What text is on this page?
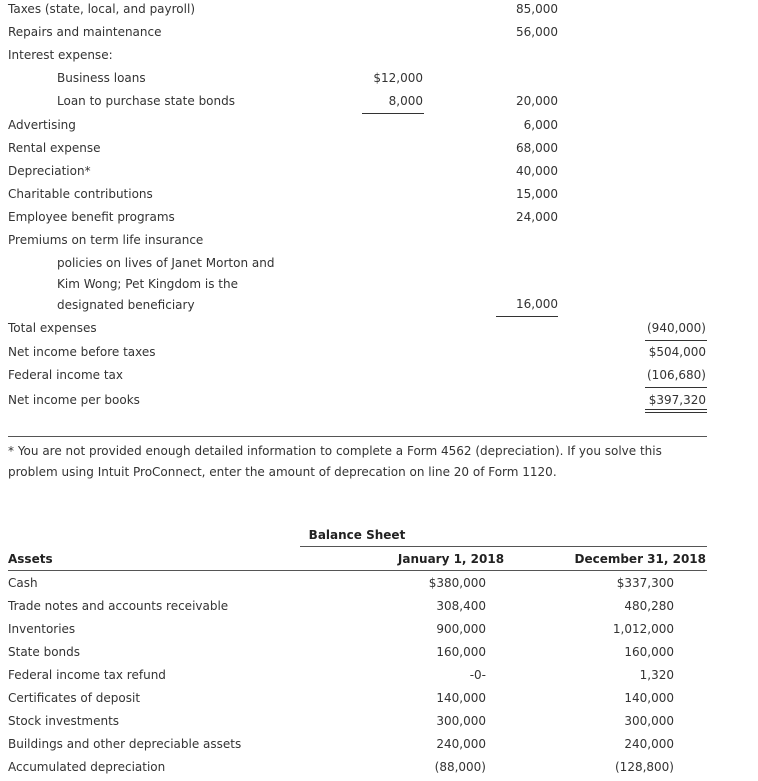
Taxes (state, local, and payroll)	85,000
Repairs and maintenance	56,000
Interest expense:
Business loans	$12,000
Loan to purchase state bonds	8,000	20,000
Advertising	6,000
Rental expense	68,000
Depreciation*	40,000
Charitable contributions	15,000
Employee benefit programs	24,000
Premiums on term life insurance
policies on lives of Janet Morton and
Kim Wong; Pet Kingdom is the
designated beneficiary	16,000
Total expenses	(940,000)
Net income before taxes	$504,000
Federal income tax	(106,680)
Net income per books	$397,320
* You are not provided enough detailed information to complete a Form 4562 (depreciation). If you solve this problem using Intuit ProConnect, enter the amount of deprecation on line 20 of Form 1120.
Balance Sheet
Assets	January 1, 2018	December 31, 2018
Cash	$380,000	$337,300
Trade notes and accounts receivable	308,400	480,280
Inventories	900,000	1,012,000
State bonds	160,000	160,000
Federal income tax refund	-0-	1,320
Certificates of deposit	140,000	140,000
Stock investments	300,000	300,000
Buildings and other depreciable assets	240,000	240,000
Accumulated depreciation	(88,000)	(128,800)
